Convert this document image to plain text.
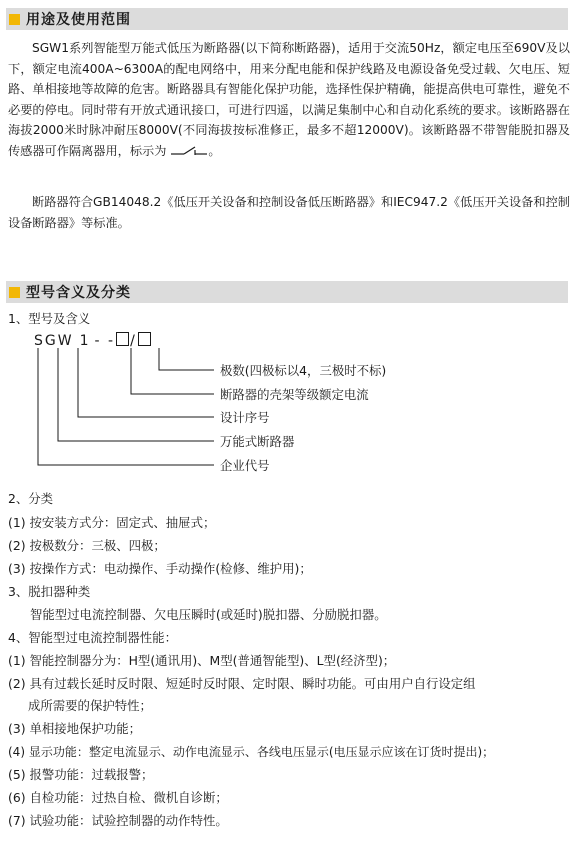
用途及使用范围

SGW1系列智能型万能式低压为断路器(以下简称断路器)，适用于交流50Hz，额定电压至690V及以下，额定电流400A~6300A的配电网络中，用来分配电能和保护线路及电源设备免受过载、欠电压、短路、单相接地等故障的危害。断路器具有智能化保护功能，选择性保护精确，能提高供电可靠性，避免不必要的停电。同时带有开放式通讯接口，可进行四遥，以满足集制中心和自动化系统的要求。该断路器在海拔2000米时脉冲耐压8000V(不同海拔按标准修正，最多不超12000V)。该断路器不带智能脱扣器及传感器可作隔离器用，标示为	。

断路器符合GB14048.2《低压开关设备和控制设备低压断路器》和IEC947.2《低压开关设备和控制设备断路器》等标准。

型号含义及分类
1、型号及含义
SGW 1 - - /
极数(四极标以4，三极时不标)
断路器的壳架等级额定电流
设计序号
万能式断路器
企业代号
2、分类
(1) 按安装方式分：固定式、抽屉式；
(2) 按极数分：三极、四极；
(3) 按操作方式：电动操作、手动操作(检修、维护用)；
3、脱扣器种类
智能型过电流控制器、欠电压瞬时(或延时)脱扣器、分励脱扣器。
4、智能型过电流控制器性能：
(1) 智能控制器分为：H型(通讯用)、M型(普通智能型)、L型(经济型)；
(2) 具有过载长延时反时限、短延时反时限、定时限、瞬时功能。可由用户自行设定组
成所需要的保护特性；
(3) 单相接地保护功能；
(4) 显示功能：整定电流显示、动作电流显示、各线电压显示(电压显示应该在订货时提出)；
(5) 报警功能：过载报警；
(6) 自检功能：过热自检、微机自诊断；
(7) 试验功能：试验控制器的动作特性。
